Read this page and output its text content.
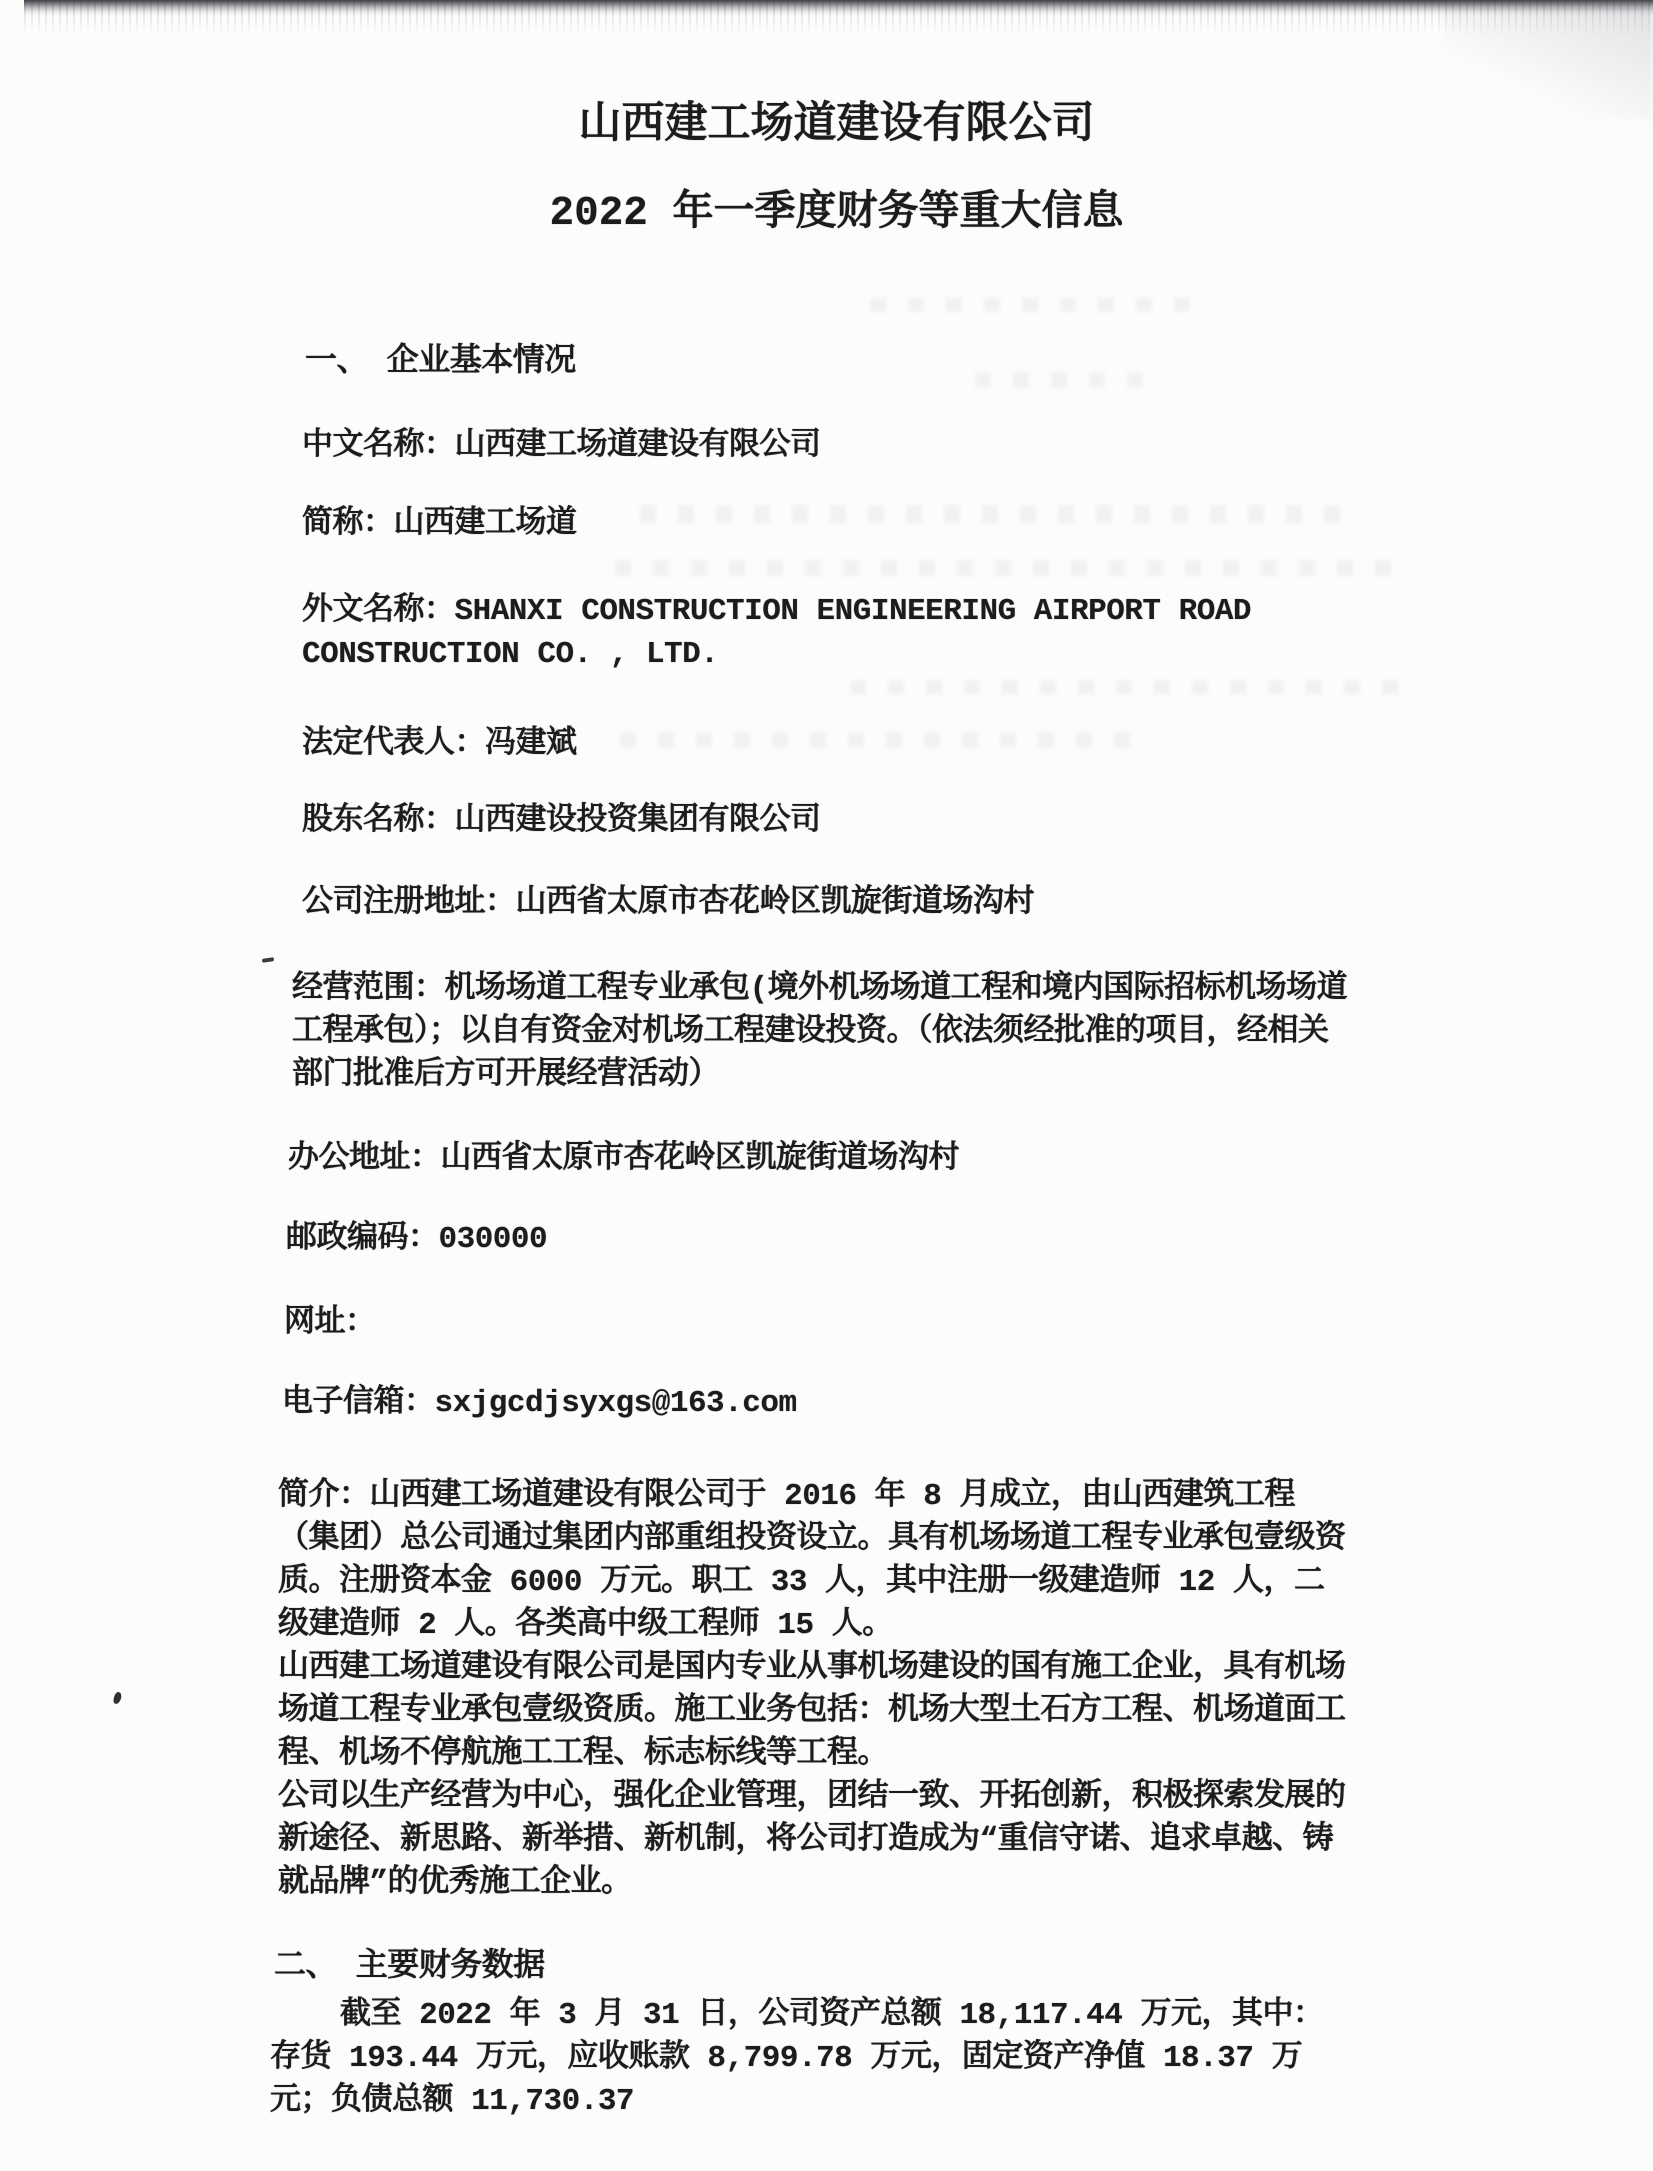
山西建工场道建设有限公司
2022 年一季度财务等重大信息
一、 企业基本情况
中文名称：山西建工场道建设有限公司
简称：山西建工场道
外文名称：SHANXI CONSTRUCTION ENGINEERING AIRPORT ROAD CONSTRUCTION CO. , LTD.
法定代表人：冯建斌
股东名称：山西建设投资集团有限公司
公司注册地址：山西省太原市杏花岭区凯旋街道场沟村
经营范围：机场场道工程专业承包(境外机场场道工程和境内国际招标机场场道工程承包）；以自有资金对机场工程建设投资。（依法须经批准的项目，经相关部门批准后方可开展经营活动）
办公地址：山西省太原市杏花岭区凯旋街道场沟村
邮政编码：030000
网址：
电子信箱：sxjgcdjsyxgs@163.com

简介：山西建工场道建设有限公司于 2016 年 8 月成立，由山西建筑工程（集团）总公司通过集团内部重组投资设立。具有机场场道工程专业承包壹级资质。注册资本金 6000 万元。职工 33 人，其中注册一级建造师 12 人，二级建造师 2 人。各类高中级工程师 15 人。

山西建工场道建设有限公司是国内专业从事机场建设的国有施工企业，具有机场场道工程专业承包壹级资质。施工业务包括：机场大型土石方工程、机场道面工程、机场不停航施工工程、标志标线等工程。

公司以生产经营为中心，强化企业管理，团结一致、开拓创新，积极探索发展的新途径、新思路、新举措、新机制，将公司打造成为“重信守诺、追求卓越、铸就品牌”的优秀施工企业。

二、 主要财务数据

截至 2022 年 3 月 31 日，公司资产总额 18,117.44 万元，其中：存货 193.44 万元，应收账款 8,799.78 万元，固定资产净值 18.37 万元；负债总额 11,730.37
